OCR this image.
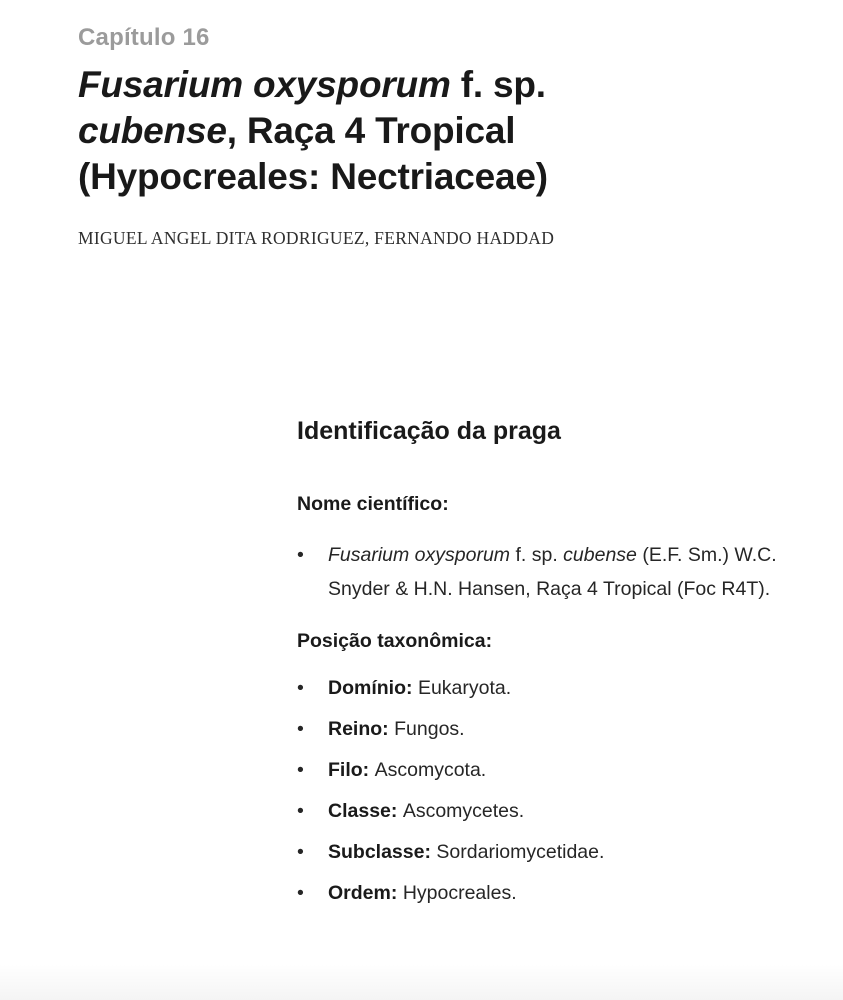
Capítulo 16
Fusarium oxysporum f. sp.
cubense, Raça 4 Tropical
(Hypocreales: Nectriaceae)
MIGUEL ANGEL DITA RODRIGUEZ, FERNANDO HADDAD
Identificação da praga
Nome científico:
•	Fusarium oxysporum f. sp. cubense (E.F. Sm.) W.C. Snyder & H.N. Hansen, Raça 4 Tropical (Foc R4T).

Posição taxonômica:
•	Domínio: Eukaryota.

•	Reino: Fungos.

•	Filo: Ascomycota.

•	Classe: Ascomycetes.

•	Subclasse: Sordariomycetidae.

•	Ordem: Hypocreales.
